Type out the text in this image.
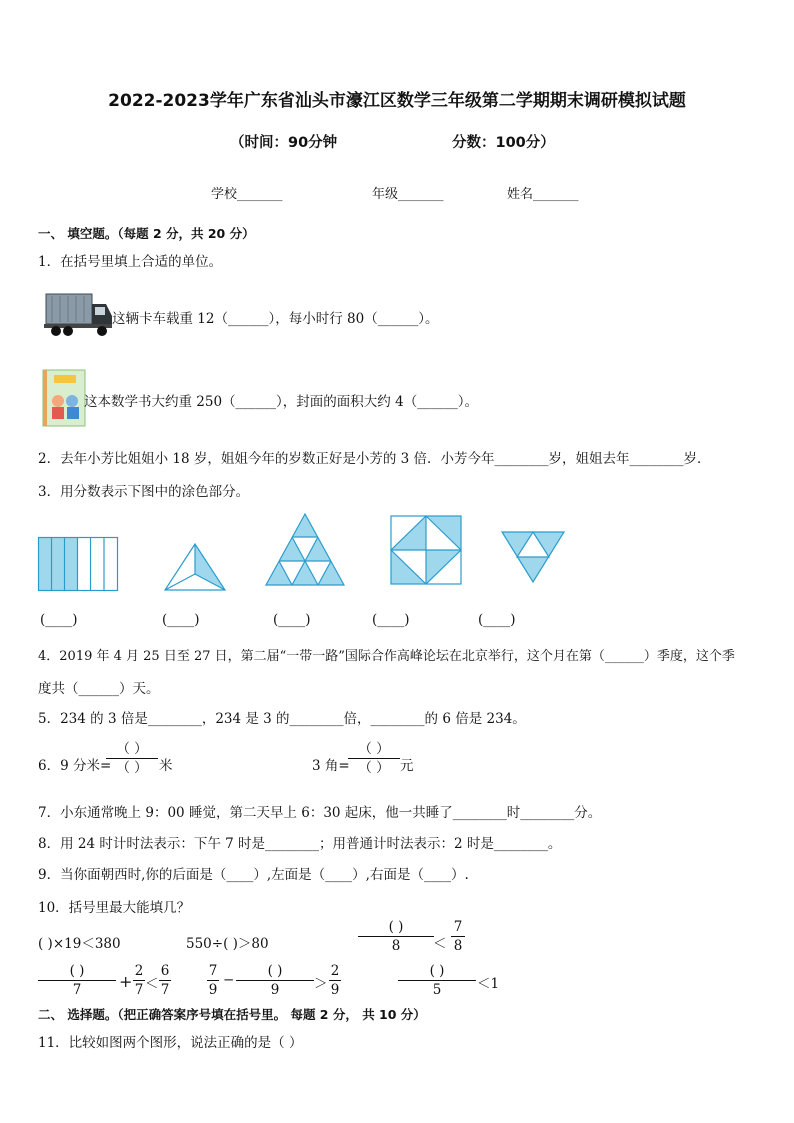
2022-2023学年广东省汕头市濠江区数学三年级第二学期期末调研模拟试题
（时间：90分钟	分数：100分）
学校_______	年级_______	姓名_______
一、 填空题。（每题 2 分，共 20 分）
1．在括号里填上合适的单位。
这辆卡车载重 12（______），每小时行 80（______）。
这本数学书大约重 250（______），封面的面积大约 4（______）。
2．去年小芳比姐姐小 18 岁，姐姐今年的岁数正好是小芳的 3 倍．小芳今年________岁，姐姐去年________岁．
3．用分数表示下图中的涂色部分。
(____)	(____)	(____)	(____)	(____)
4．2019 年 4 月 25 日至 27 日，第二届“一带一路”国际合作高峰论坛在北京举行，这个月在第（______）季度，这个季
度共（______）天。
5．234 的 3 倍是________，234 是 3 的________倍，________的 6 倍是 234。
6．9 分米=
（ ）
（ ） 米	3 角=
（ ）
（ ） 元
7．小东通常晚上 9：00 睡觉，第二天早上 6：30 起床，他一共睡了________时________分。
8．用 24 时计时法表示：下午 7 时是________；用普通计时法表示：2 时是________。
9．当你面朝西时,你的后面是（____）,左面是（____）,右面是（____）.
10．括号里最大能填几？
( )×19＜380	550÷( )＞80
( )
8	＜
7
8
( )
7	+
2
7 ＜
6
7
7
9
−
( )
9	＞
2
9
( )
5	＜1
二、 选择题。（把正确答案序号填在括号里。 每题 2 分， 共 10 分）
11．比较如图两个图形，说法正确的是（ ）
